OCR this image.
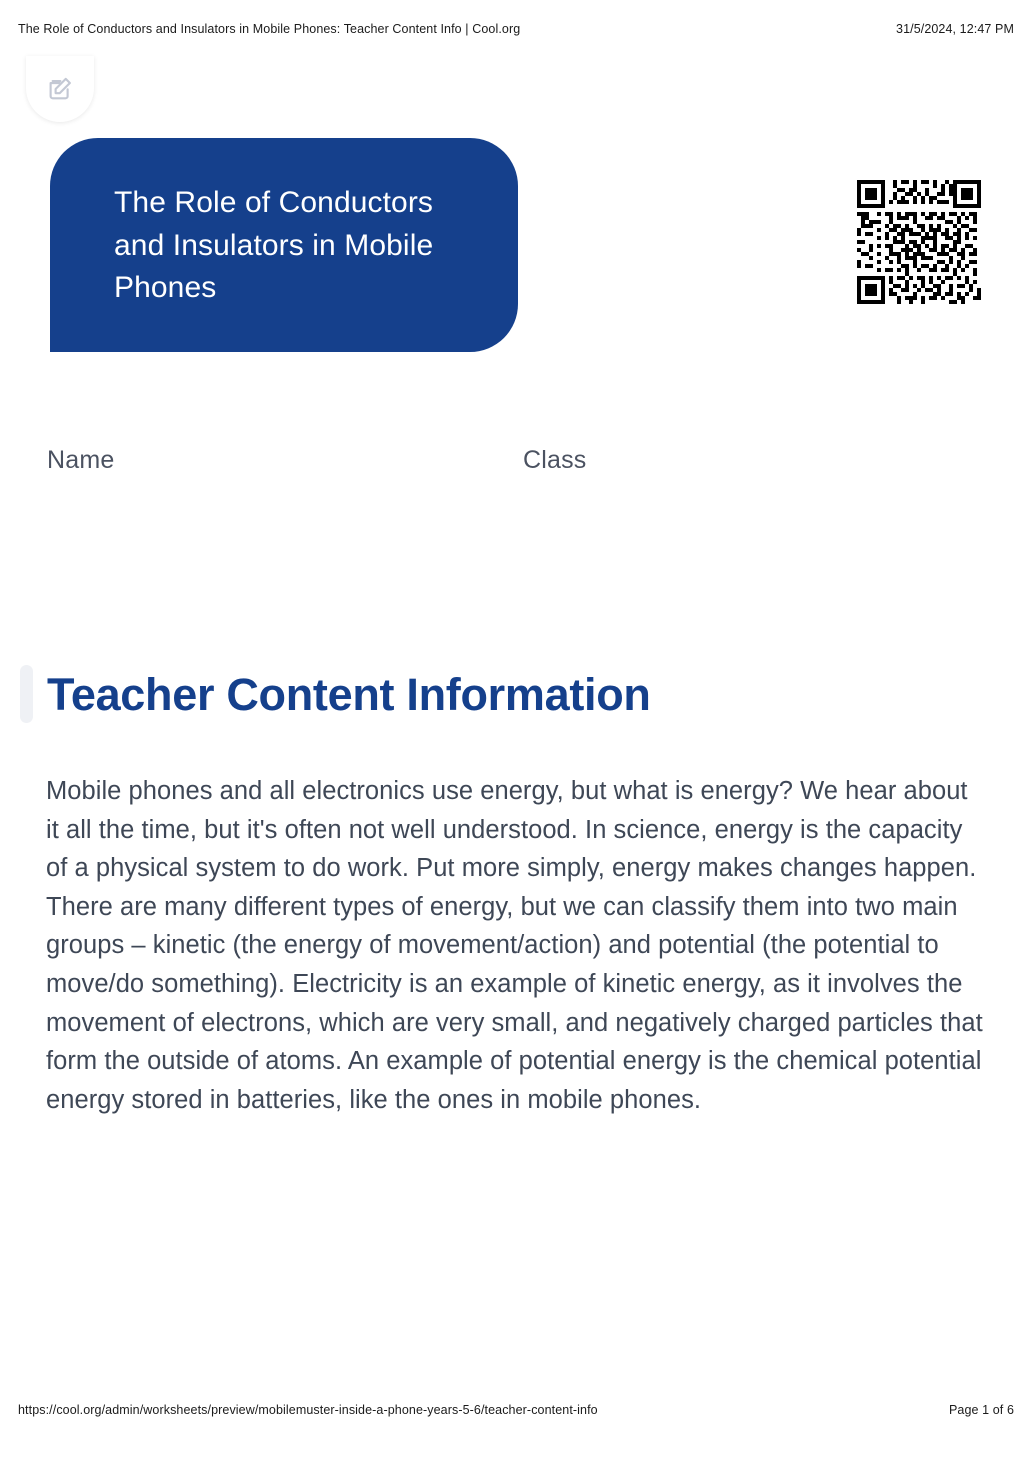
The Role of Conductors and Insulators in Mobile Phones: Teacher Content Info | Cool.org	31/5/2024, 12:47 PM
The Role of Conductors and Insulators in Mobile Phones
Name	Class
Teacher Content Information

Mobile phones and all electronics use energy, but what is energy? We hear about it all the time, but it's often not well understood. In science, energy is the capacity of a physical system to do work. Put more simply, energy makes changes happen. There are many different types of energy, but we can classify them into two main groups – kinetic (the energy of movement/action) and potential (the potential to move/do something). Electricity is an example of kinetic energy, as it involves the movement of electrons, which are very small, and negatively charged particles that form the outside of atoms. An example of potential energy is the chemical potential energy stored in batteries, like the ones in mobile phones.

https://cool.org/admin/worksheets/preview/mobilemuster-inside-a-phone-years-5-6/teacher-content-info	Page 1 of 6
